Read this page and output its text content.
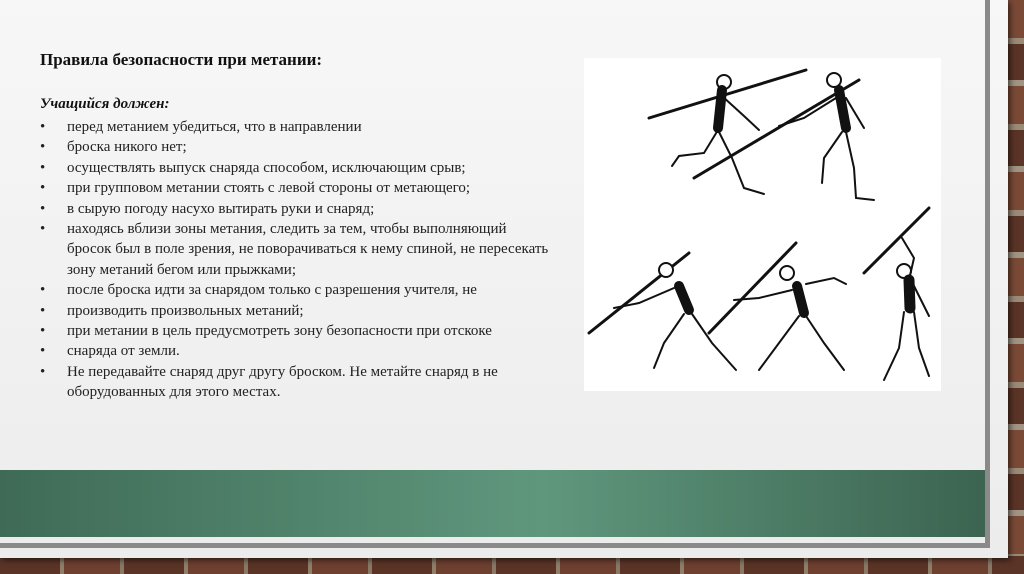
Правила безопасности при метании:
Учащийся должен:
• перед метанием убедиться, что в направлении
• броска никого нет;
• осуществлять выпуск снаряда способом, исключающим срыв;
• при групповом метании стоять с левой стороны от метающего;
• в сырую погоду насухо вытирать руки и снаряд;
• находясь вблизи зоны метания, следить за тем, чтобы выполняющий бросок был в поле зрения, не поворачиваться к нему спиной, не пересекать зону метаний бегом или прыжками;
• после броска идти за снарядом только с разрешения учителя, не
• производить произвольных метаний;
• при метании в цель предусмотреть зону безопасности при отскоке
• снаряда от земли.
• Не передавайте снаряд друг другу броском. Не метайте снаряд в не оборудованных для этого местах.
